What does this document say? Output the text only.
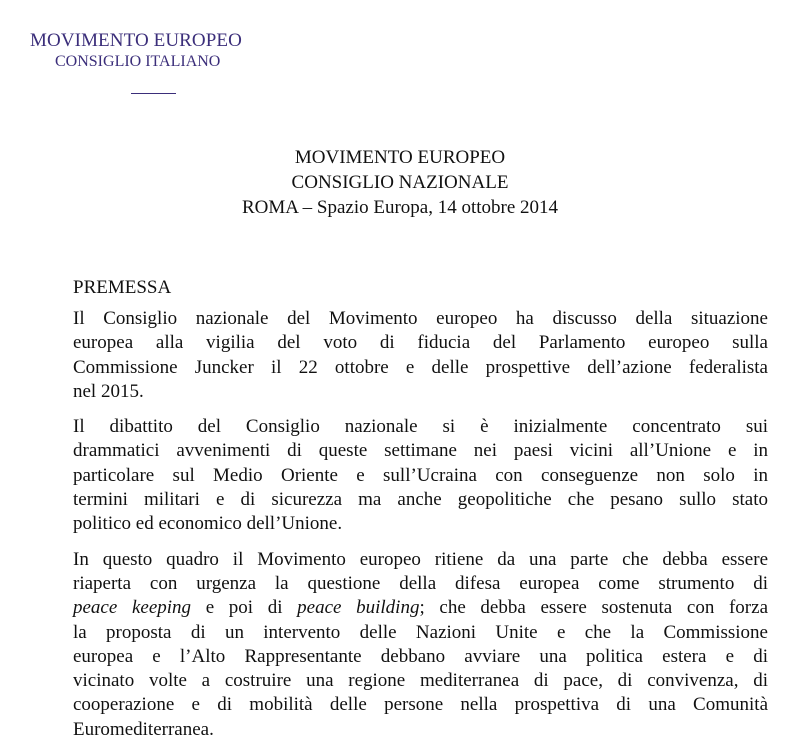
MOVIMENTO EUROPEO
CONSIGLIO ITALIANO
MOVIMENTO EUROPEO
CONSIGLIO NAZIONALE
ROMA – Spazio Europa, 14 ottobre 2014
PREMESSA
Il Consiglio nazionale del Movimento europeo ha discusso della situazione
europea alla vigilia del voto di fiducia del Parlamento europeo sulla
Commissione Juncker il 22 ottobre e delle prospettive dell’azione federalista
nel 2015.
Il dibattito del Consiglio nazionale si è inizialmente concentrato sui
drammatici avvenimenti di queste settimane nei paesi vicini all’Unione e in
particolare sul Medio Oriente e sull’Ucraina con conseguenze non solo in
termini militari e di sicurezza ma anche geopolitiche che pesano sullo stato
politico ed economico dell’Unione.
In questo quadro il Movimento europeo ritiene da una parte che debba essere
riaperta con urgenza la questione della difesa europea come strumento di
peace keeping e poi di peace building; che debba essere sostenuta con forza
la proposta di un intervento delle Nazioni Unite e che la Commissione
europea e l’Alto Rappresentante debbano avviare una politica estera e di
vicinato volte a costruire una regione mediterranea di pace, di convivenza, di
cooperazione e di mobilità delle persone nella prospettiva di una Comunità
Euromediterranea.
